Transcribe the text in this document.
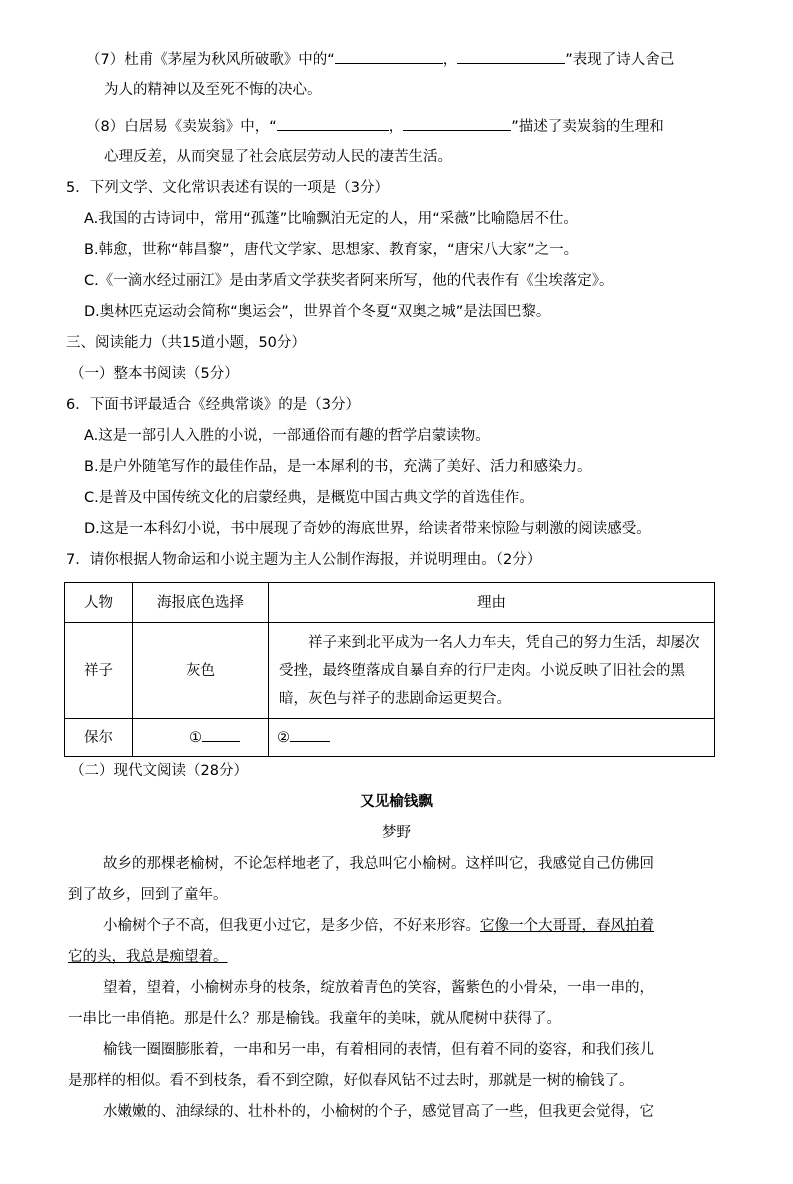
（7）杜甫《茅屋为秋风所破歌》中的“	，	”表现了诗人舍己
为人的精神以及至死不悔的决心。
（8）白居易《卖炭翁》中，“	，	”描述了卖炭翁的生理和
心理反差，从而突显了社会底层劳动人民的凄苦生活。
5．下列文学、文化常识表述有误的一项是（3分）
A.我国的古诗词中，常用“孤蓬”比喻飘泊无定的人，用“采薇”比喻隐居不仕。
B.韩愈，世称“韩昌黎”，唐代文学家、思想家、教育家，“唐宋八大家”之一。
C.《一滴水经过丽江》是由茅盾文学获奖者阿来所写，他的代表作有《尘埃落定》。
D.奥林匹克运动会简称“奥运会”，世界首个冬夏“双奥之城”是法国巴黎。
三、阅读能力（共15道小题，50分）
（一）整本书阅读（5分）
6．下面书评最适合《经典常谈》的是（3分）
A.这是一部引人入胜的小说，一部通俗而有趣的哲学启蒙读物。
B.是户外随笔写作的最佳作品，是一本犀利的书，充满了美好、活力和感染力。
C.是普及中国传统文化的启蒙经典，是概览中国古典文学的首选佳作。
D.这是一本科幻小说，书中展现了奇妙的海底世界，给读者带来惊险与刺激的阅读感受。
7．请你根据人物命运和小说主题为主人公制作海报，并说明理由。（2分）
人物	海报底色选择	理由
祥子	灰色	祥子来到北平成为一名人力车夫，凭自己的努力生活，却屡次受挫，最终堕落成自暴自弃的行尸走肉。小说反映了旧社会的黑暗，灰色与祥子的悲剧命运更契合。
保尔	①	②
（二）现代文阅读（28分）
又见榆钱飘
梦野
故乡的那棵老榆树，不论怎样地老了，我总叫它小榆树。这样叫它，我感觉自己仿佛回
到了故乡，回到了童年。
小榆树个子不高，但我更小过它，是多少倍，不好来形容。它像一个大哥哥，春风拍着
它的头，我总是痴望着。
望着，望着，小榆树赤身的枝条，绽放着青色的笑容，酱紫色的小骨朵，一串一串的，
一串比一串俏艳。那是什么？那是榆钱。我童年的美味，就从爬树中获得了。
榆钱一圈圈膨胀着，一串和另一串，有着相同的表情，但有着不同的姿容，和我们孩儿
是那样的相似。看不到枝条，看不到空隙，好似春风钻不过去时，那就是一树的榆钱了。
水嫩嫩的、油绿绿的、壮朴朴的，小榆树的个子，感觉冒高了一些，但我更会觉得，它
